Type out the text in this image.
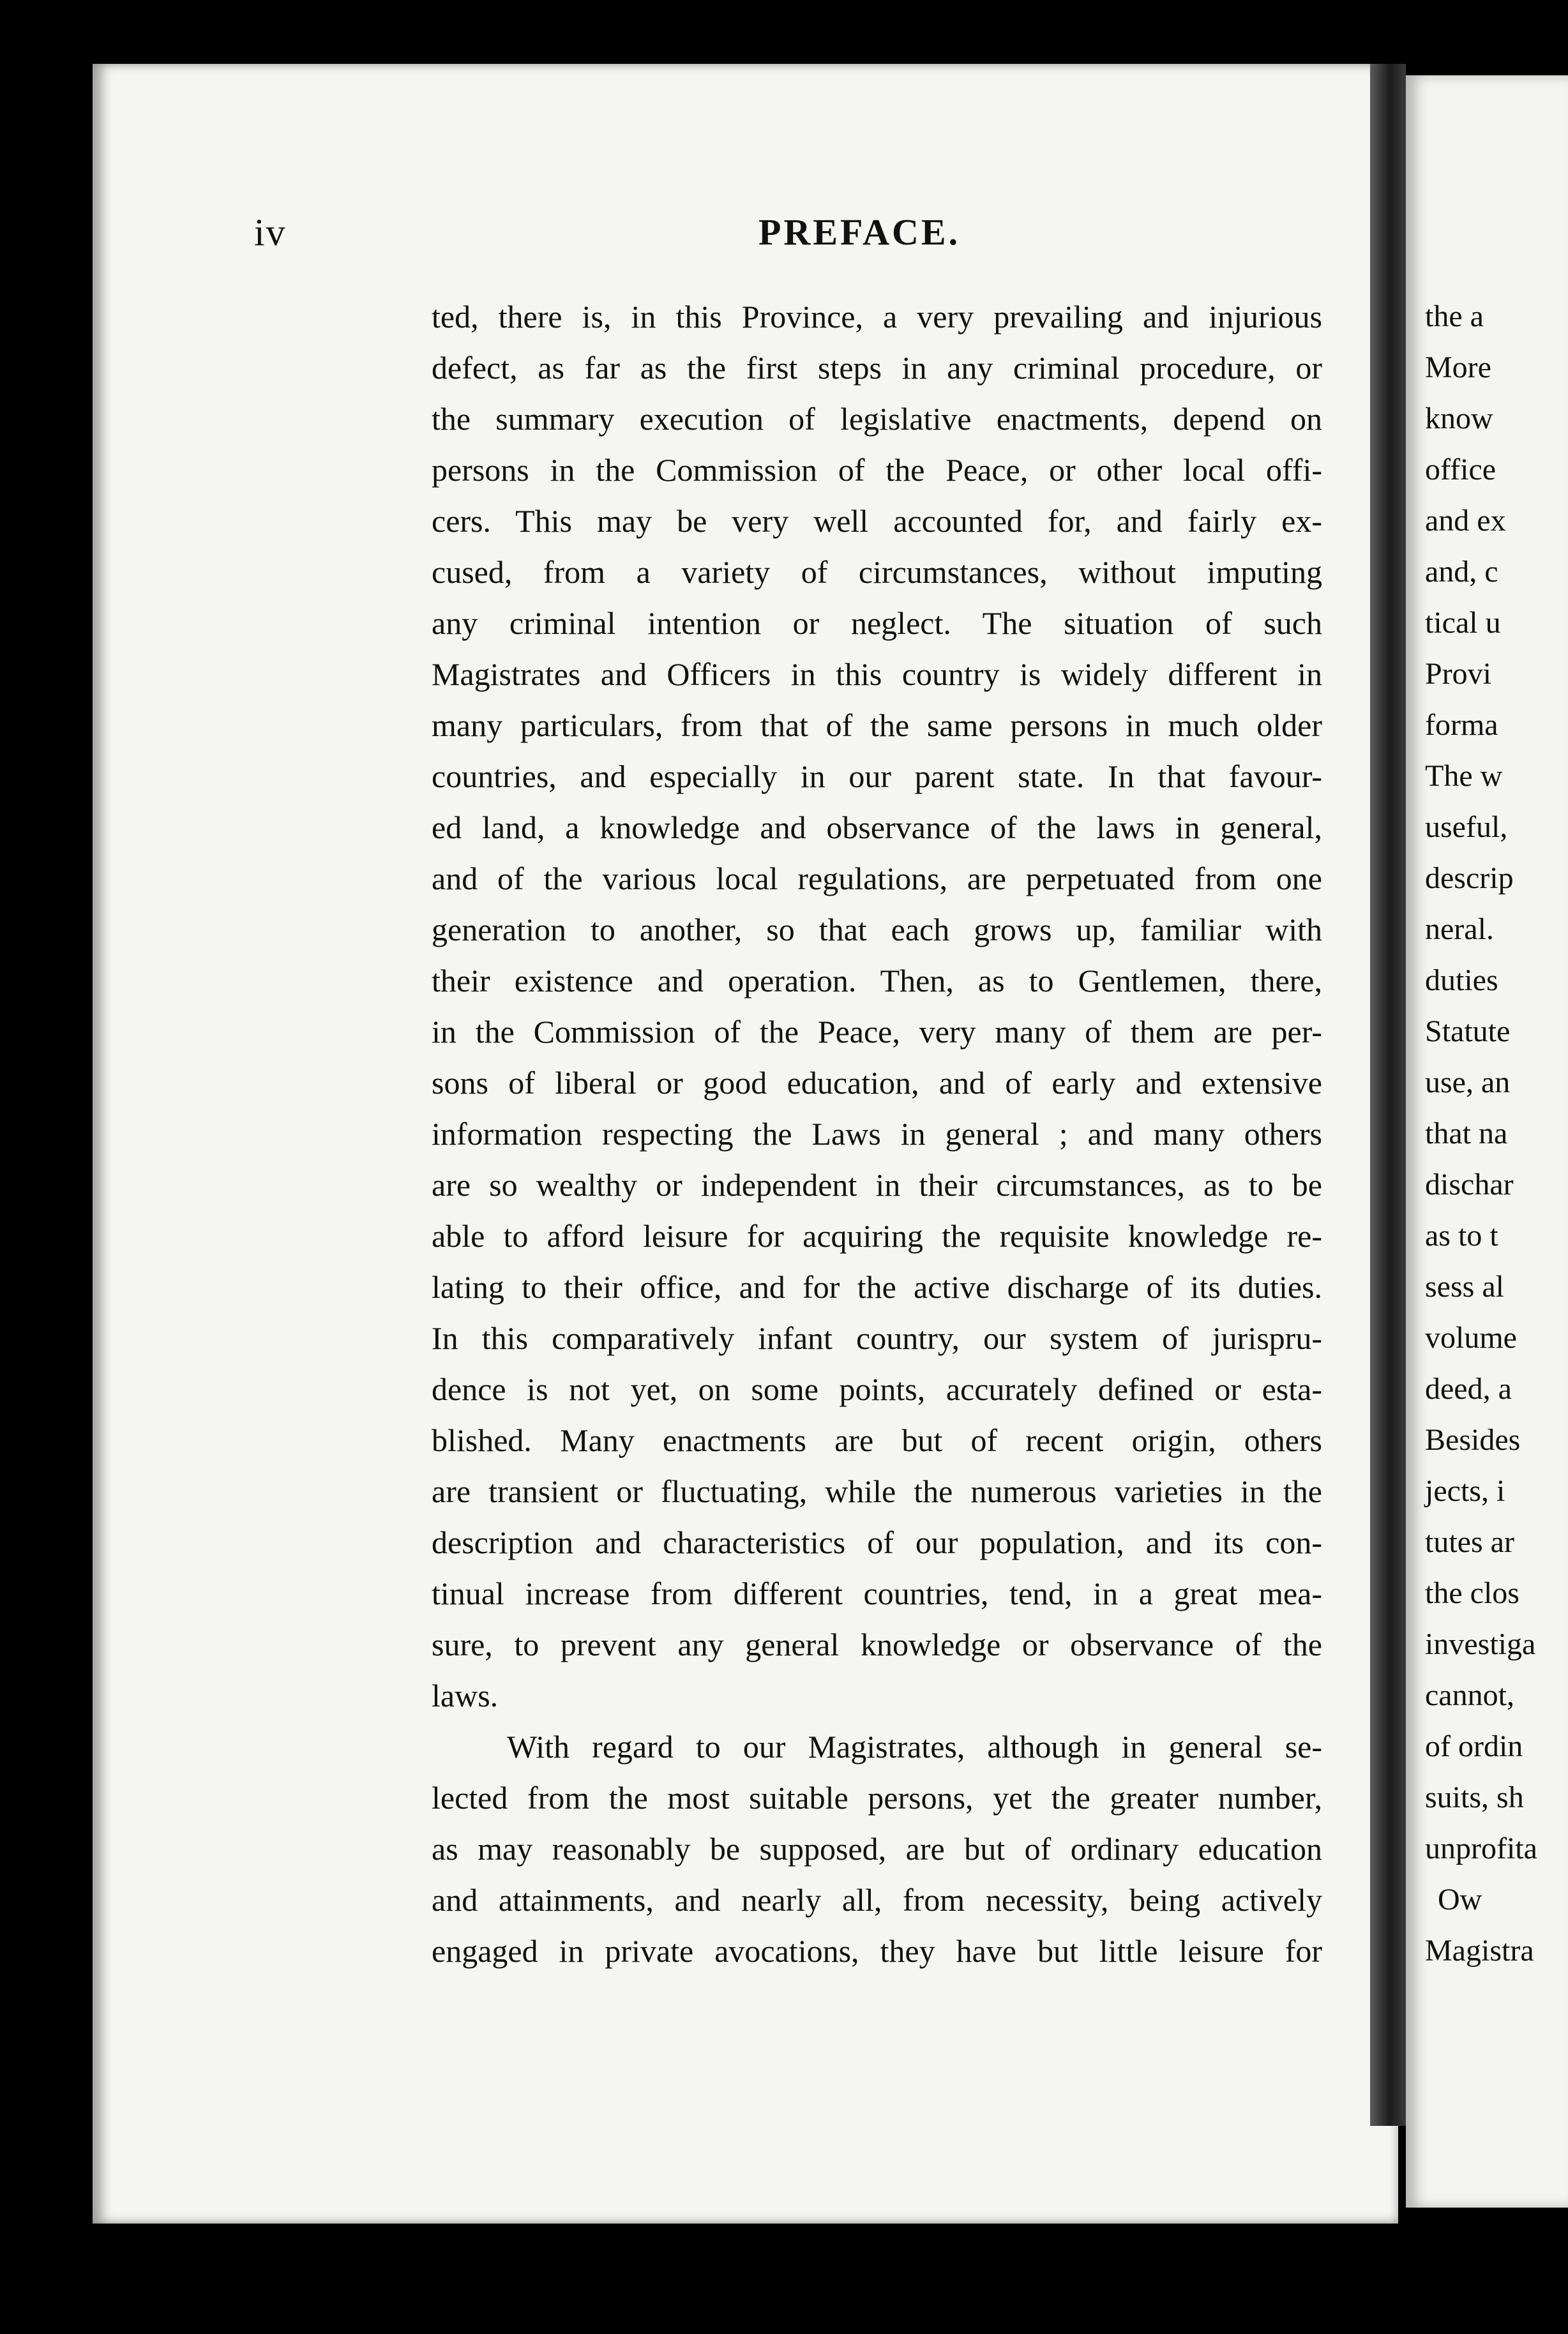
iv	PREFACE.
ted, there is, in this Province, a very prevailing and injurious
defect, as far as the first steps in any criminal procedure, or
the summary execution of legislative enactments, depend on
persons in the Commission of the Peace, or other local offi-
cers. This may be very well accounted for, and fairly ex-
cused, from a variety of circumstances, without imputing
any criminal intention or neglect. The situation of such
Magistrates and Officers in this country is widely different in
many particulars, from that of the same persons in much older
countries, and especially in our parent state. In that favour-
ed land, a knowledge and observance of the laws in general,
and of the various local regulations, are perpetuated from one
generation to another, so that each grows up, familiar with
their existence and operation. Then, as to Gentlemen, there,
in the Commission of the Peace, very many of them are per-
sons of liberal or good education, and of early and extensive
information respecting the Laws in general ; and many others
are so wealthy or independent in their circumstances, as to be
able to afford leisure for acquiring the requisite knowledge re-
lating to their office, and for the active discharge of its duties.
In this comparatively infant country, our system of jurispru-
dence is not yet, on some points, accurately defined or esta-
blished. Many enactments are but of recent origin, others
are transient or fluctuating, while the numerous varieties in the
description and characteristics of our population, and its con-
tinual increase from different countries, tend, in a great mea-
sure, to prevent any general knowledge or observance of the
laws.
With regard to our Magistrates, although in general se-
lected from the most suitable persons, yet the greater number,
as may reasonably be supposed, are but of ordinary education
and attainments, and nearly all, from necessity, being actively
engaged in private avocations, they have but little leisure for
the a
More
know
office
and ex
and, c
tical u
Provi
forma
The w
useful,
descrip
neral.
duties
Statute
use, an
that na
dischar
as to t
sess al
volume
deed, a
Besides
jects, i
tutes ar
the clos
investiga
cannot,
of ordin
suits, sh
unprofita
Ow
Magistra
